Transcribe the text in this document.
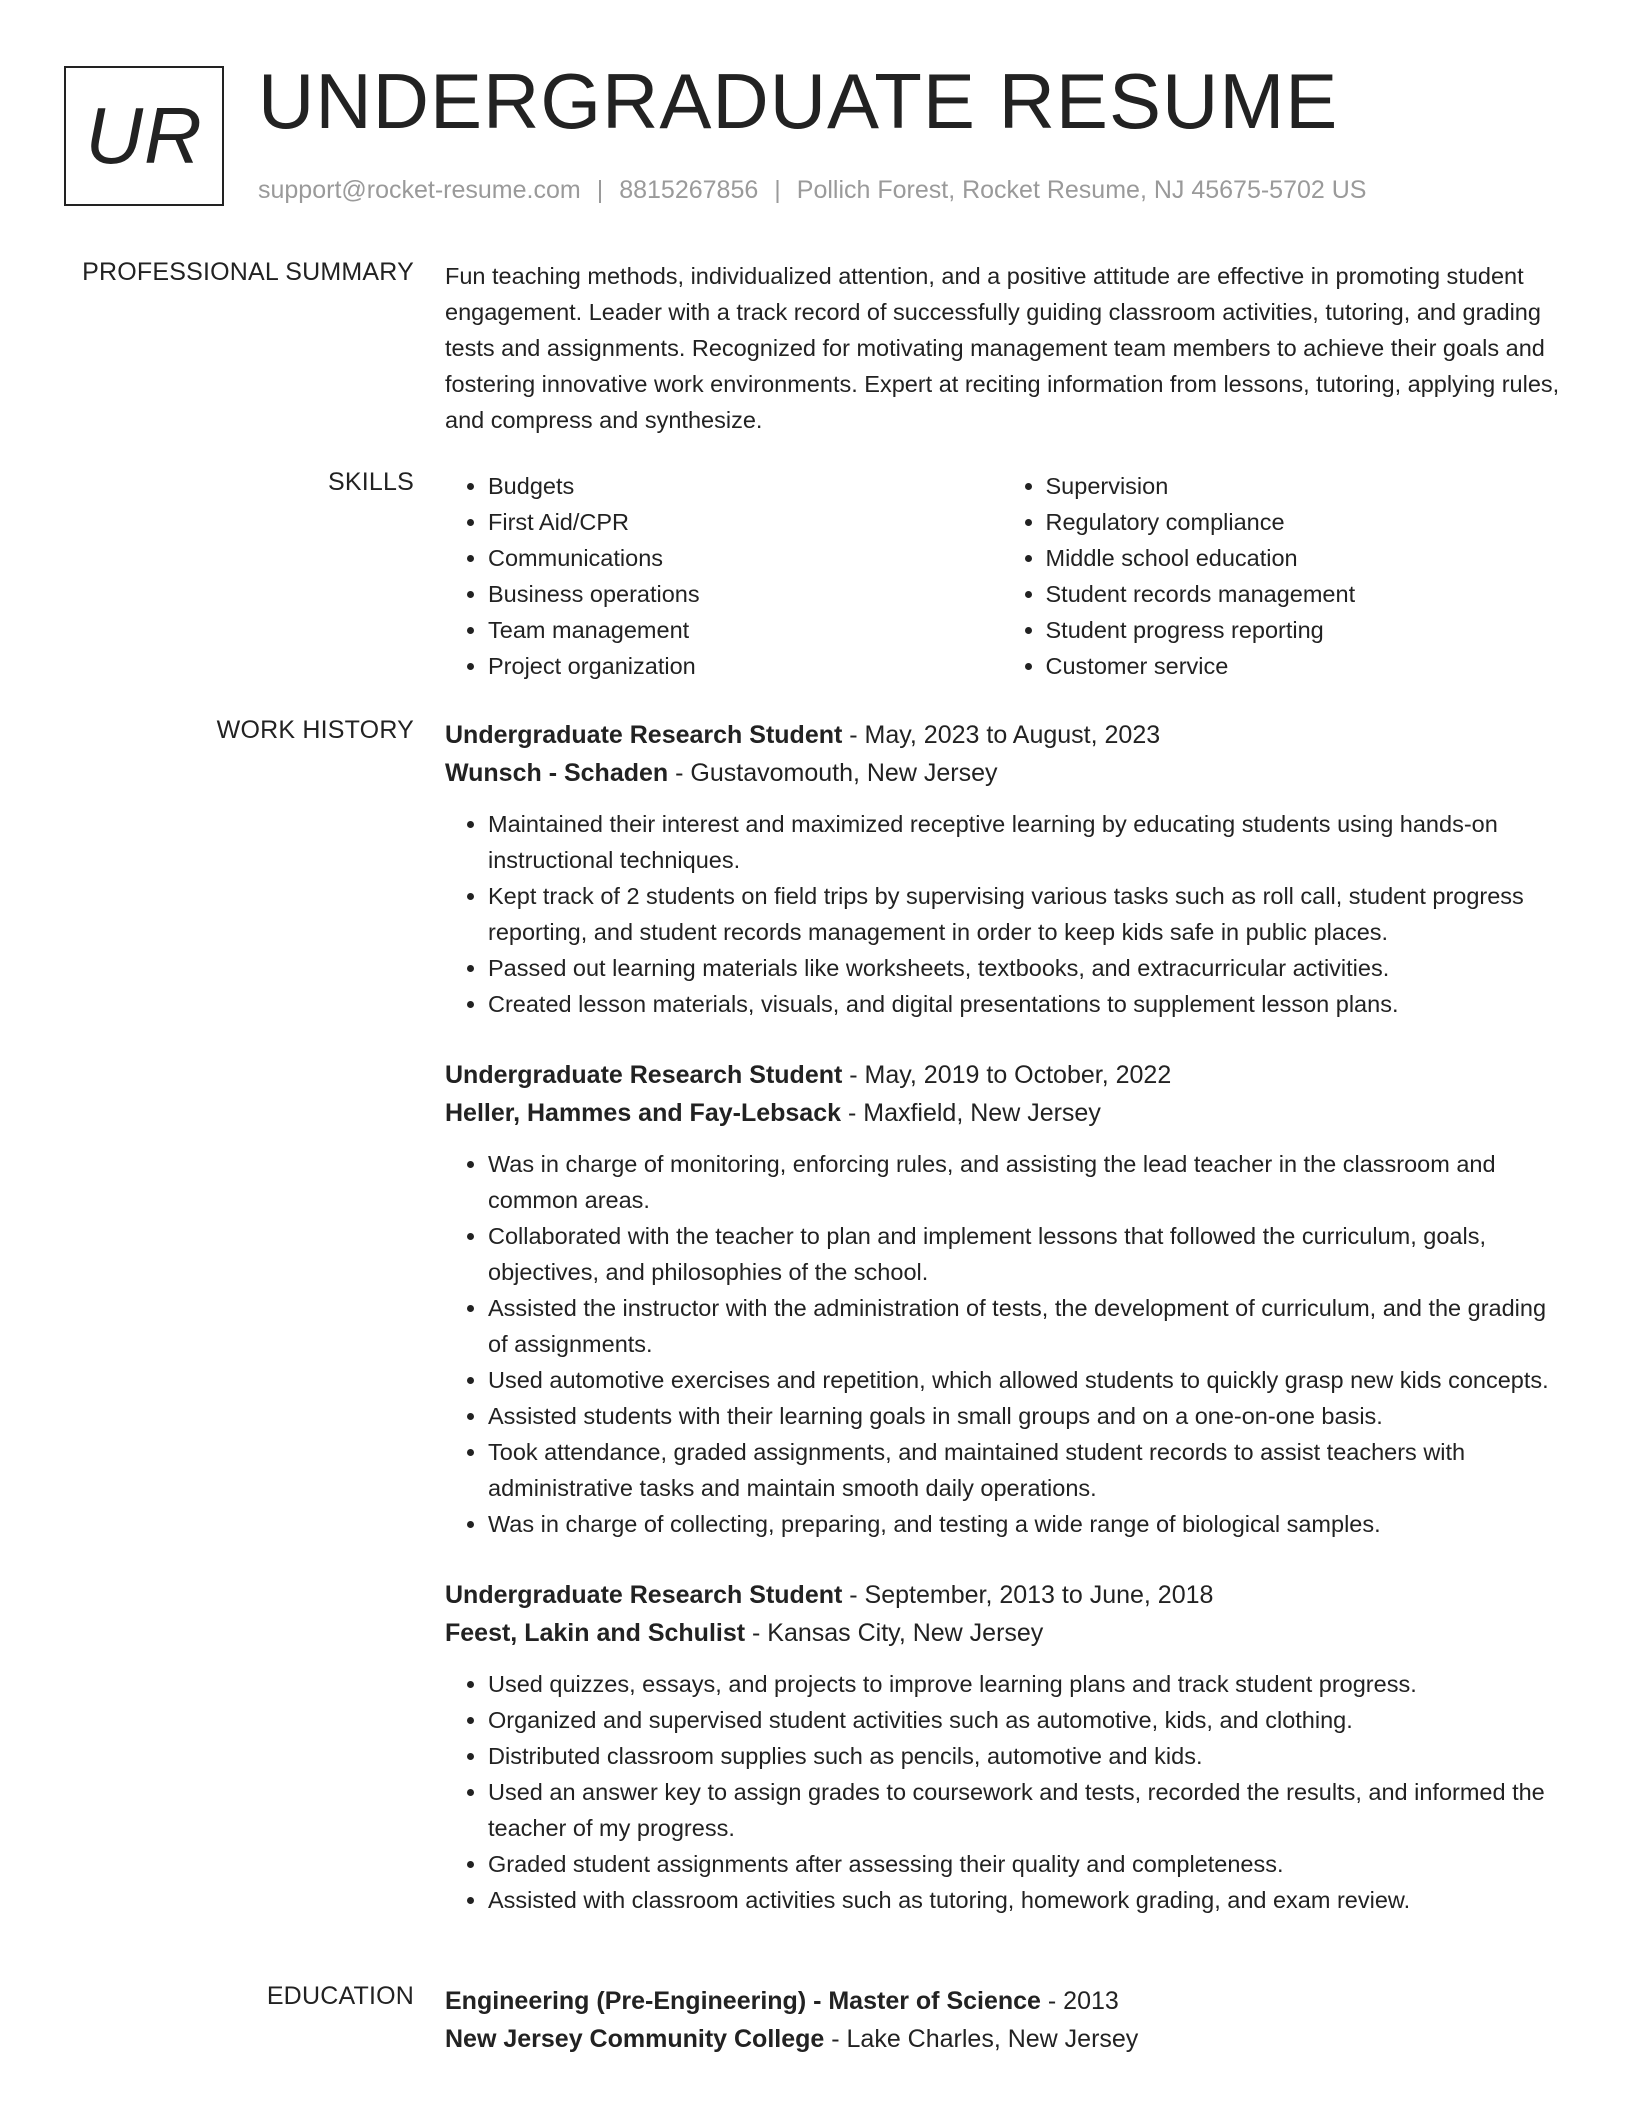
UR UNDERGRADUATE RESUME
support@rocket-resume.com | 8815267856 | Pollich Forest, Rocket Resume, NJ 45675-5702 US
PROFESSIONAL SUMMARY Fun teaching methods, individualized attention, and a positive attitude are effective in promoting student engagement. Leader with a track record of successfully guiding classroom activities, tutoring, and grading tests and assignments. Recognized for motivating management team members to achieve their goals and fostering innovative work environments. Expert at reciting information from lessons, tutoring, applying rules, and compress and synthesize.

SKILLS
•	Budgets
• First Aid/CPR
• Communications
• Business operations
• Team management
• Project organization
• Supervision
• Regulatory compliance
• Middle school education
• Student records management
• Student progress reporting
• Customer service
WORK HISTORY Undergraduate Research Student - May, 2023 to August, 2023
Wunsch - Schaden - Gustavomouth, New Jersey
• Maintained their interest and maximized receptive learning by educating students using hands-on instructional techniques.
• Kept track of 2 students on field trips by supervising various tasks such as roll call, student progress reporting, and student records management in order to keep kids safe in public places.
• Passed out learning materials like worksheets, textbooks, and extracurricular activities.
• Created lesson materials, visuals, and digital presentations to supplement lesson plans.
Undergraduate Research Student - May, 2019 to October, 2022
Heller, Hammes and Fay-Lebsack - Maxfield, New Jersey
• Was in charge of monitoring, enforcing rules, and assisting the lead teacher in the classroom and common areas.
• Collaborated with the teacher to plan and implement lessons that followed the curriculum, goals, objectives, and philosophies of the school.
• Assisted the instructor with the administration of tests, the development of curriculum, and the grading of assignments.
• Used automotive exercises and repetition, which allowed students to quickly grasp new kids concepts.
• Assisted students with their learning goals in small groups and on a one-on-one basis.
• Took attendance, graded assignments, and maintained student records to assist teachers with administrative tasks and maintain smooth daily operations.
• Was in charge of collecting, preparing, and testing a wide range of biological samples.
Undergraduate Research Student - September, 2013 to June, 2018
Feest, Lakin and Schulist - Kansas City, New Jersey
• Used quizzes, essays, and projects to improve learning plans and track student progress.
• Organized and supervised student activities such as automotive, kids, and clothing.
• Distributed classroom supplies such as pencils, automotive and kids.
• Used an answer key to assign grades to coursework and tests, recorded the results, and informed the teacher of my progress.
• Graded student assignments after assessing their quality and completeness.
• Assisted with classroom activities such as tutoring, homework grading, and exam review.
EDUCATION Engineering (Pre-Engineering) - Master of Science - 2013
New Jersey Community College - Lake Charles, New Jersey
